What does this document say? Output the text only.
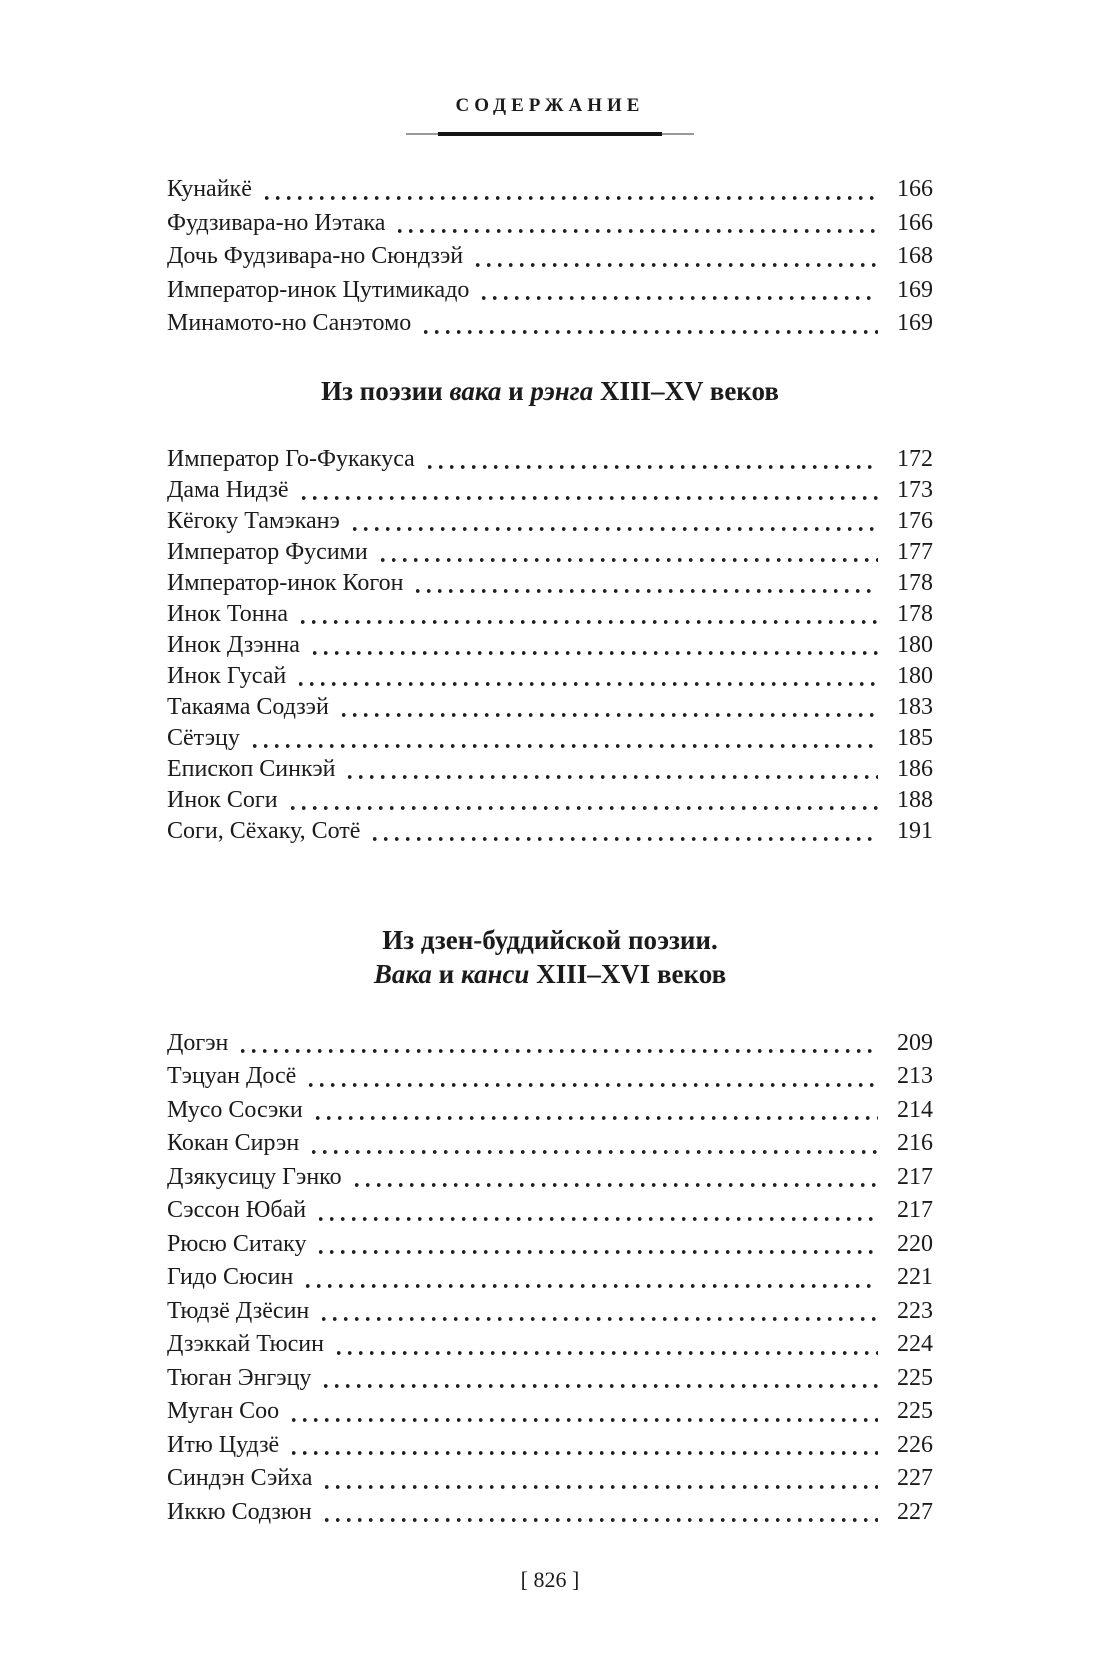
СОДЕРЖАНИЕ
Кунайкё	166
Фудзивара-но Иэтака	166
Дочь Фудзивара-но Сюндзэй	168
Император-инок Цутимикадо	169
Минамото-но Санэтомо	169
Из поэзии вака и рэнга XIII–XV веков
Император Го-Фукакуса	172
Дама Нидзё	173
Кёгоку Тамэканэ	176
Император Фусими	177
Император-инок Когон	178
Инок Тонна	178
Инок Дзэнна	180
Инок Гусай	180
Такаяма Содзэй	183
Сётэцу	185
Епископ Синкэй	186
Инок Соги	188
Соги, Сёхаку, Сотё	191
Из дзен-буддийской поэзии.
Вака и канси XIII–XVI веков
Догэн	209
Тэцуан Досё	213
Мусо Сосэки	214
Кокан Сирэн	216
Дзякусицу Гэнко	217
Сэссон Юбай	217
Рюсю Ситаку	220
Гидо Сюсин	221
Тюдзё Дзёсин	223
Дзэккай Тюсин	224
Тюган Энгэцу	225
Муган Соо	225
Итю Цудзё	226
Синдэн Сэйха	227
Иккю Содзюн	227
[ 826 ]
